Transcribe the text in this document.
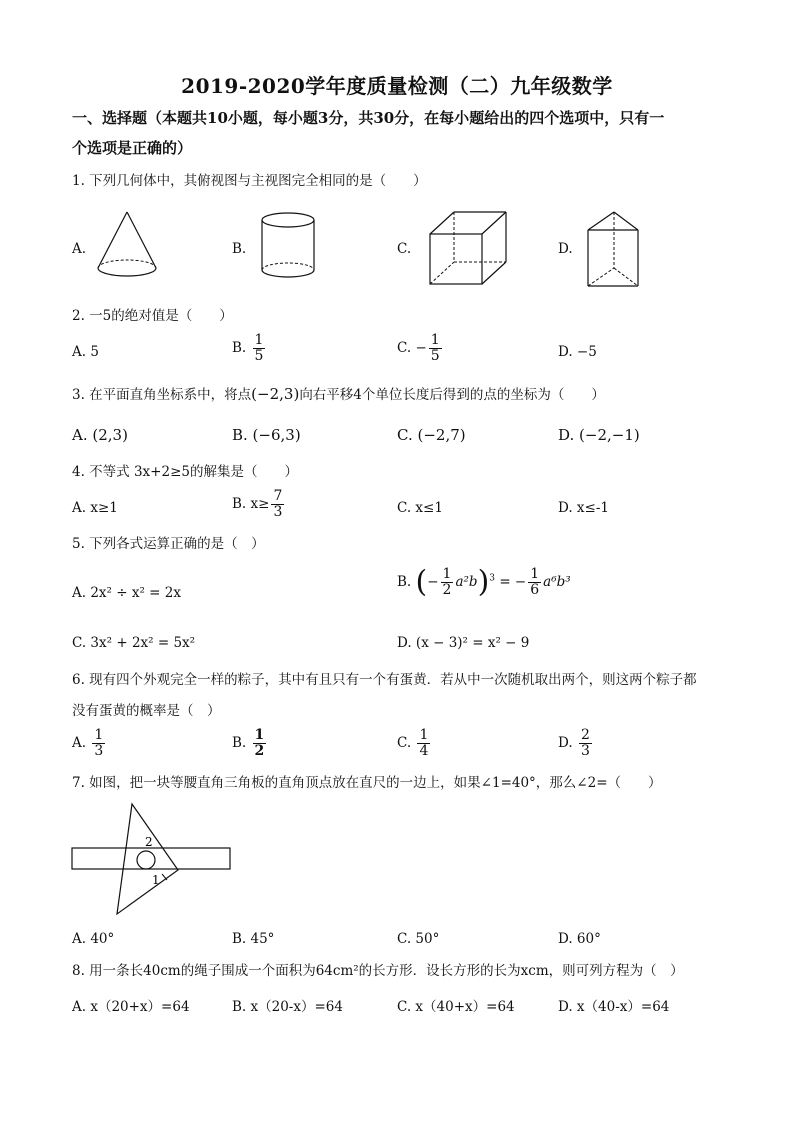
2019-2020学年度质量检测（二）九年级数学
一、选择题（本题共10小题，每小题3分，共30分，在每小题给出的四个选项中，只有一
个选项是正确的）
1. 下列几何体中，其俯视图与主视图完全相同的是（　　）
A.	B.	C.	D.
2. 一5的绝对值是（　　）
A. 5	B. $\frac{1}{5}$	C. − $\frac{1}{5}$	D. −5
3. 在平面直角坐标系中，将点(−2,3)向右平移4个单位长度后得到的点的坐标为（　　）
A. (2,3)	B. (−6,3)	C. (−2,7)	D. (−2,−1)
4. 不等式 3x+2≥5的解集是（　　）
A. x≥1	B. $x\ge \frac{7}{3}$	C. x≤1	D. x≤-1
5. 下列各式运算正确的是（　）
A. 2x² ÷ x² = 2x
B. (− $\frac{1}{2} a^2b)^3$ = − $\frac{1}{6} a^6b^3$
C. 3x² + 2x² = 5x²	D. (x − 3)² = x² − 9
6. 现有四个外观完全一样的粽子，其中有且只有一个有蛋黄．若从中一次随机取出两个，则这两个粽子都
没有蛋黄的概率是（　）
A. $\frac{1}{3}$	B. $\frac{1}{2}$	C. $\frac{1}{4}$	D. $\frac{2}{3}$
7. 如图，把一块等腰直角三角板的直角顶点放在直尺的一边上，如果∠1=40°，那么∠2=（　　）
2
1
A. 40°	B. 45°	C. 50°	D. 60°
8. 用一条长40cm的绳子围成一个面积为64cm²的长方形．设长方形的长为xcm，则可列方程为（　）
A. x（20+x）=64	B. x（20-x）=64	C. x（40+x）=64	D. x（40-x）=64
